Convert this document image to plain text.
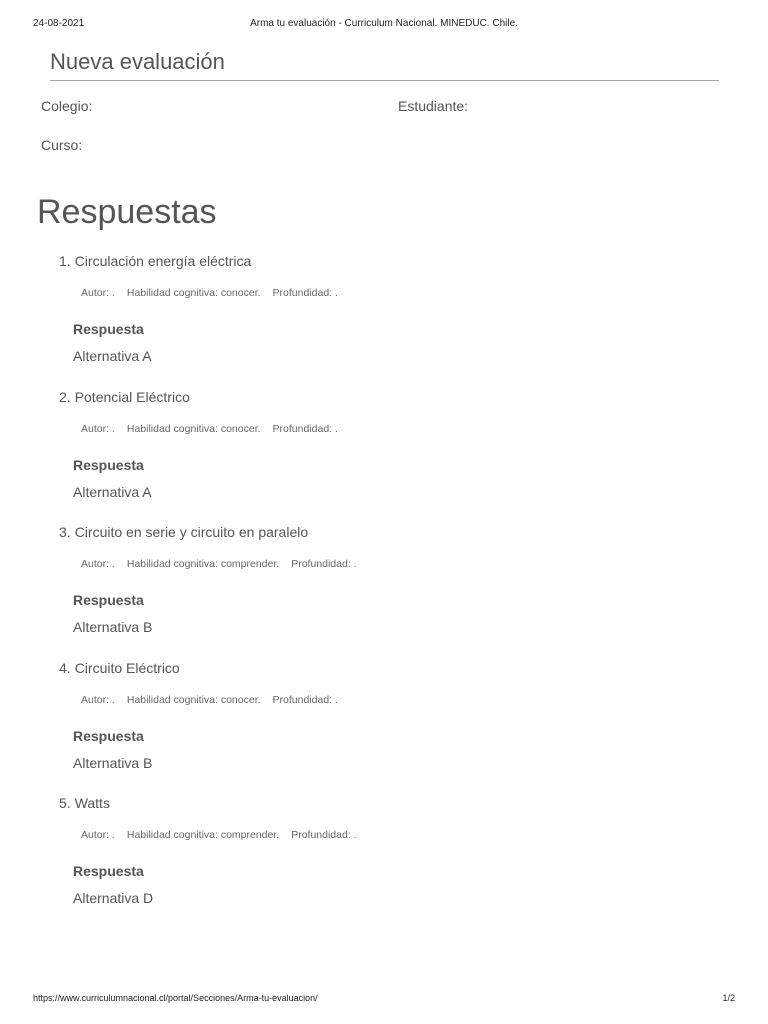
24-08-2021	Arma tu evaluación - Curriculum Nacional. MINEDUC. Chile.
Nueva evaluación
Colegio:	Estudiante:
Curso:
Respuestas
1. Circulación energía eléctrica
Autor: . Habilidad cognitiva: conocer. Profundidad: .
Respuesta
Alternativa A
2. Potencial Eléctrico
Autor: . Habilidad cognitiva: conocer. Profundidad: .
Respuesta
Alternativa A
3. Circuito en serie y circuito en paralelo
Autor: . Habilidad cognitiva: comprender. Profundidad: .
Respuesta
Alternativa B
4. Circuito Eléctrico
Autor: . Habilidad cognitiva: conocer. Profundidad: .
Respuesta
Alternativa B
5. Watts
Autor: . Habilidad cognitiva: comprender. Profundidad: .
Respuesta
Alternativa D
https://www.curriculumnacional.cl/portal/Secciones/Arma-tu-evaluacion/	1/2
